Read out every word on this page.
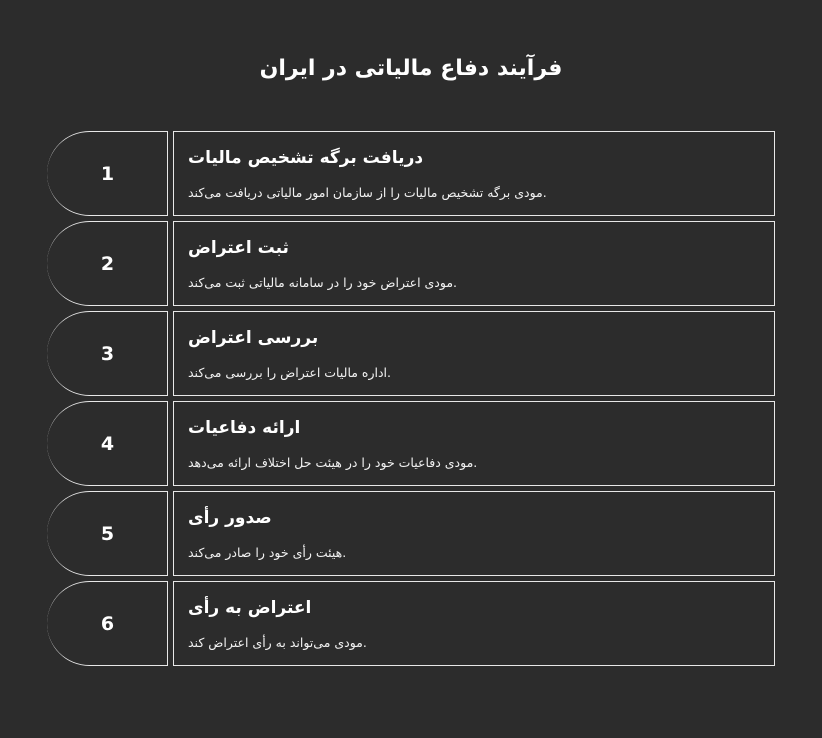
فرآیند دفاع مالیاتی در ایران
1
دریافت برگه تشخیص مالیات
مودی برگه تشخیص مالیات را از سازمان امور مالیاتی دریافت می‌کند.
2
ثبت اعتراض
مودی اعتراض خود را در سامانه مالیاتی ثبت می‌کند.
3
بررسی اعتراض
اداره مالیات اعتراض را بررسی می‌کند.
4
ارائه دفاعیات
مودی دفاعیات خود را در هیئت حل اختلاف ارائه می‌دهد.
5
صدور رأی
هیئت رأی خود را صادر می‌کند.
6
اعتراض به رأی
مودی می‌تواند به رأی اعتراض کند.
